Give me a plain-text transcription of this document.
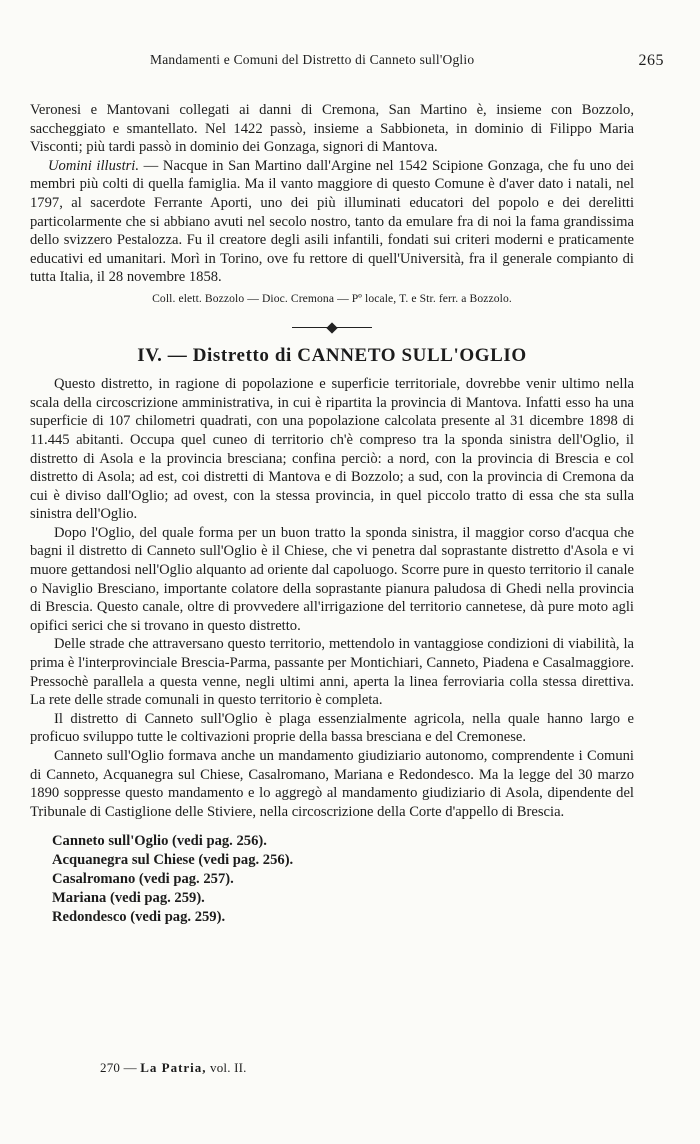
Mandamenti e Comuni del Distretto di Canneto sull'Oglio	265

Veronesi e Mantovani collegati ai danni di Cremona, San Martino è, insieme con Bozzolo, saccheggiato e smantellato. Nel 1422 passò, insieme a Sabbioneta, in dominio di Filippo Maria Visconti; più tardi passò in dominio dei Gonzaga, signori di Mantova.

Uomini illustri. — Nacque in San Martino dall'Argine nel 1542 Scipione Gonzaga, che fu uno dei membri più colti di quella famiglia. Ma il vanto maggiore di questo Comune è d'aver dato i natali, nel 1797, al sacerdote Ferrante Aporti, uno dei più illuminati educatori del popolo e dei derelitti particolarmente che si abbiano avuti nel secolo nostro, tanto da emulare fra di noi la fama grandissima dello svizzero Pestalozza. Fu il creatore degli asili infantili, fondati sui criteri moderni e praticamente educativi ed umanitari. Morì in Torino, ove fu rettore di quell'Università, fra il generale compianto di tutta Italia, il 28 novembre 1858.

Coll. elett. Bozzolo — Dioc. Cremona — Pº locale, T. e Str. ferr. a Bozzolo.
IV. — Distretto di CANNETO SULL'OGLIO

Questo distretto, in ragione di popolazione e superficie territoriale, dovrebbe venir ultimo nella scala della circoscrizione amministrativa, in cui è ripartita la provincia di Mantova. Infatti esso ha una superficie di 107 chilometri quadrati, con una popolazione calcolata presente al 31 dicembre 1898 di 11.445 abitanti. Occupa quel cuneo di territorio ch'è compreso tra la sponda sinistra dell'Oglio, il distretto di Asola e la provincia bresciana; confina perciò: a nord, con la provincia di Brescia e col distretto di Asola; ad est, coi distretti di Mantova e di Bozzolo; a sud, con la provincia di Cremona da cui è diviso dall'Oglio; ad ovest, con la stessa provincia, in quel piccolo tratto di essa che sta sulla sinistra dell'Oglio.

Dopo l'Oglio, del quale forma per un buon tratto la sponda sinistra, il maggior corso d'acqua che bagni il distretto di Canneto sull'Oglio è il Chiese, che vi penetra dal soprastante distretto d'Asola e vi muore gettandosi nell'Oglio alquanto ad oriente dal capoluogo. Scorre pure in questo territorio il canale o Naviglio Bresciano, importante colatore della soprastante pianura paludosa di Ghedi nella provincia di Brescia. Questo canale, oltre di provvedere all'irrigazione del territorio cannetese, dà pure moto agli opifici serici che si trovano in questo distretto.

Delle strade che attraversano questo territorio, mettendolo in vantaggiose condizioni di viabilità, la prima è l'interprovinciale Brescia-Parma, passante per Montichiari, Canneto, Piadena e Casalmaggiore. Pressochè parallela a questa venne, negli ultimi anni, aperta la linea ferroviaria colla stessa direttiva. La rete delle strade comunali in questo territorio è completa.

Il distretto di Canneto sull'Oglio è plaga essenzialmente agricola, nella quale hanno largo e proficuo sviluppo tutte le coltivazioni proprie della bassa bresciana e del Cremonese.

Canneto sull'Oglio formava anche un mandamento giudiziario autonomo, comprendente i Comuni di Canneto, Acquanegra sul Chiese, Casalromano, Mariana e Redondesco. Ma la legge del 30 marzo 1890 soppresse questo mandamento e lo aggregò al mandamento giudiziario di Asola, dipendente del Tribunale di Castiglione delle Stiviere, nella circoscrizione della Corte d'appello di Brescia.

Canneto sull'Oglio (vedi pag. 256).
Acquanegra sul Chiese (vedi pag. 256).
Casalromano (vedi pag. 257).
Mariana (vedi pag. 259).
Redondesco (vedi pag. 259).
270 — La Patria, vol. II.
